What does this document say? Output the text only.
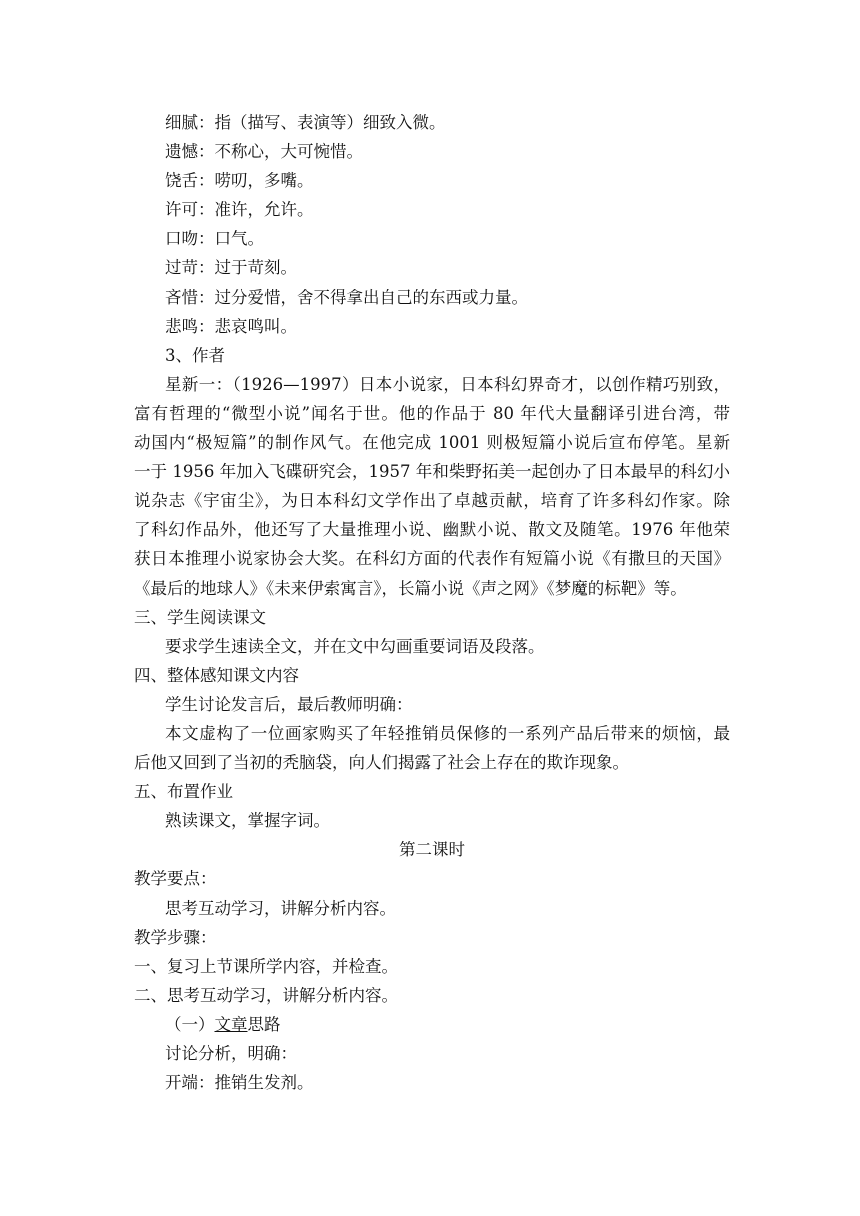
细腻：指（描写、表演等）细致入微。
遗憾：不称心，大可惋惜。
饶舌：唠叨，多嘴。
许可：准许，允许。
口吻：口气。
过苛：过于苛刻。
吝惜：过分爱惜，舍不得拿出自己的东西或力量。
悲鸣：悲哀鸣叫。
3、作者
星新一：（1926—1997）日本小说家，日本科幻界奇才，以创作精巧别致，
富有哲理的“微型小说”闻名于世。他的作品于 80 年代大量翻译引进台湾，带
动国内“极短篇”的制作风气。在他完成 1001 则极短篇小说后宣布停笔。星新
一于 1956 年加入飞碟研究会，1957 年和柴野拓美一起创办了日本最早的科幻小
说杂志《宇宙尘》，为日本科幻文学作出了卓越贡献，培育了许多科幻作家。除
了科幻作品外，他还写了大量推理小说、幽默小说、散文及随笔。1976 年他荣
获日本推理小说家协会大奖。在科幻方面的代表作有短篇小说《有撒旦的天国》
《最后的地球人》《未来伊索寓言》，长篇小说《声之网》《梦魔的标靶》等。
三、学生阅读课文
要求学生速读全文，并在文中勾画重要词语及段落。
四、整体感知课文内容
学生讨论发言后，最后教师明确：
本文虚构了一位画家购买了年轻推销员保修的一系列产品后带来的烦恼，最
后他又回到了当初的秃脑袋，向人们揭露了社会上存在的欺诈现象。
五、布置作业
熟读课文，掌握字词。
第二课时
教学要点：
思考互动学习，讲解分析内容。
教学步骤：
一、复习上节课所学内容，并检查。
二、思考互动学习，讲解分析内容。
（一）文章思路
讨论分析，明确：
开端：推销生发剂。
